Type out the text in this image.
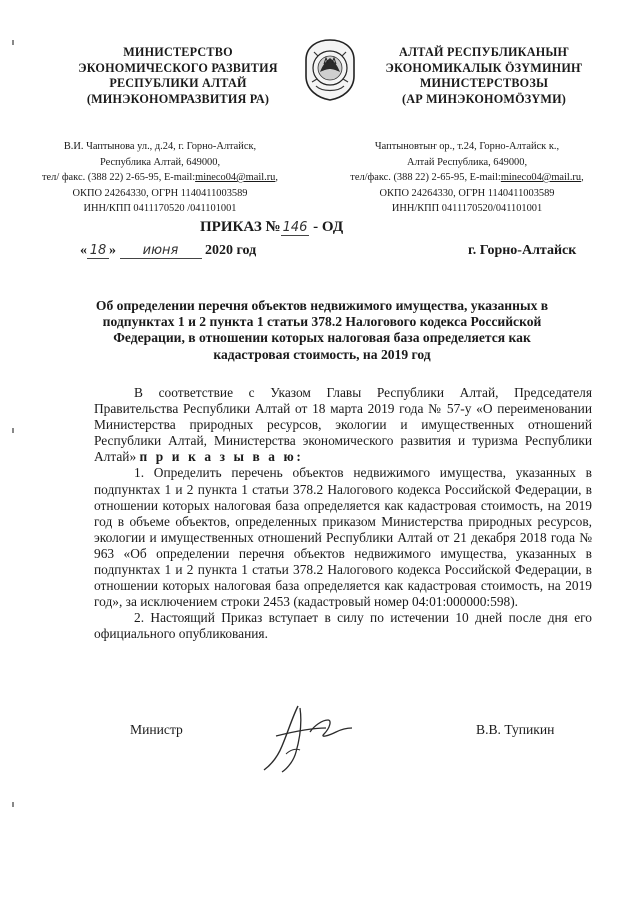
МИНИСТЕРСТВО
ЭКОНОМИЧЕСКОГО РАЗВИТИЯ
РЕСПУБЛИКИ АЛТАЙ
(МИНЭКОНОМРАЗВИТИЯ РА)
АЛТАЙ РЕСПУБЛИКАНЫҤ
ЭКОНОМИКАЛЫК ӦЗҮМИНИҤ
МИНИСТЕРСТВОЗЫ
(АР МИНЭКОНОМӦЗҮМИ)
В.И. Чаптынова ул., д.24, г. Горно-Алтайск,
Республика Алтай, 649000,
тел/ факс. (388 22) 2-65-95, E-mail:mineco04@mail.ru,
ОКПО 24264330, ОГРН 1140411003589
ИНН/КПП 0411170520 /041101001
Чаптыновтыҥ ор., т.24, Горно-Алтайск к.,
Алтай Республика, 649000,
тел/факс. (388 22) 2-65-95, E-mail:mineco04@mail.ru,
ОКПО 24264330, ОГРН 1140411003589
ИНН/КПП 0411170520/041101001
ПРИКАЗ № 146 - ОД
« 18 » июня 2020 год	г. Горно-Алтайск
Об определении перечня объектов недвижимого имущества, указанных в подпунктах 1 и 2 пункта 1 статьи 378.2 Налогового кодекса Российской Федерации, в отношении которых налоговая база определяется как кадастровая стоимость, на 2019 год

В соответствие с Указом Главы Республики Алтай, Председателя Правительства Республики Алтай от 18 марта 2019 года № 57-у «О переименовании Министерства природных ресурсов, экологии и имущественных отношений Республики Алтай, Министерства экономического развития и туризма Республики Алтай» п р и к а з ы в а ю:

1. Определить перечень объектов недвижимого имущества, указанных в подпунктах 1 и 2 пункта 1 статьи 378.2 Налогового кодекса Российской Федерации, в отношении которых налоговая база определяется как кадастровая стоимость, на 2019 год в объеме объектов, определенных приказом Министерства природных ресурсов, экологии и имущественных отношений Республики Алтай от 21 декабря 2018 года № 963 «Об определении перечня объектов недвижимого имущества, указанных в подпунктах 1 и 2 пункта 1 статьи 378.2 Налогового кодекса Российской Федерации, в отношении которых налоговая база определяется как кадастровая стоимость, на 2019 год», за исключением строки 2453 (кадастровый номер 04:01:000000:598).

2. Настоящий Приказ вступает в силу по истечении 10 дней после дня его официального опубликования.

Министр	В.В. Тупикин
